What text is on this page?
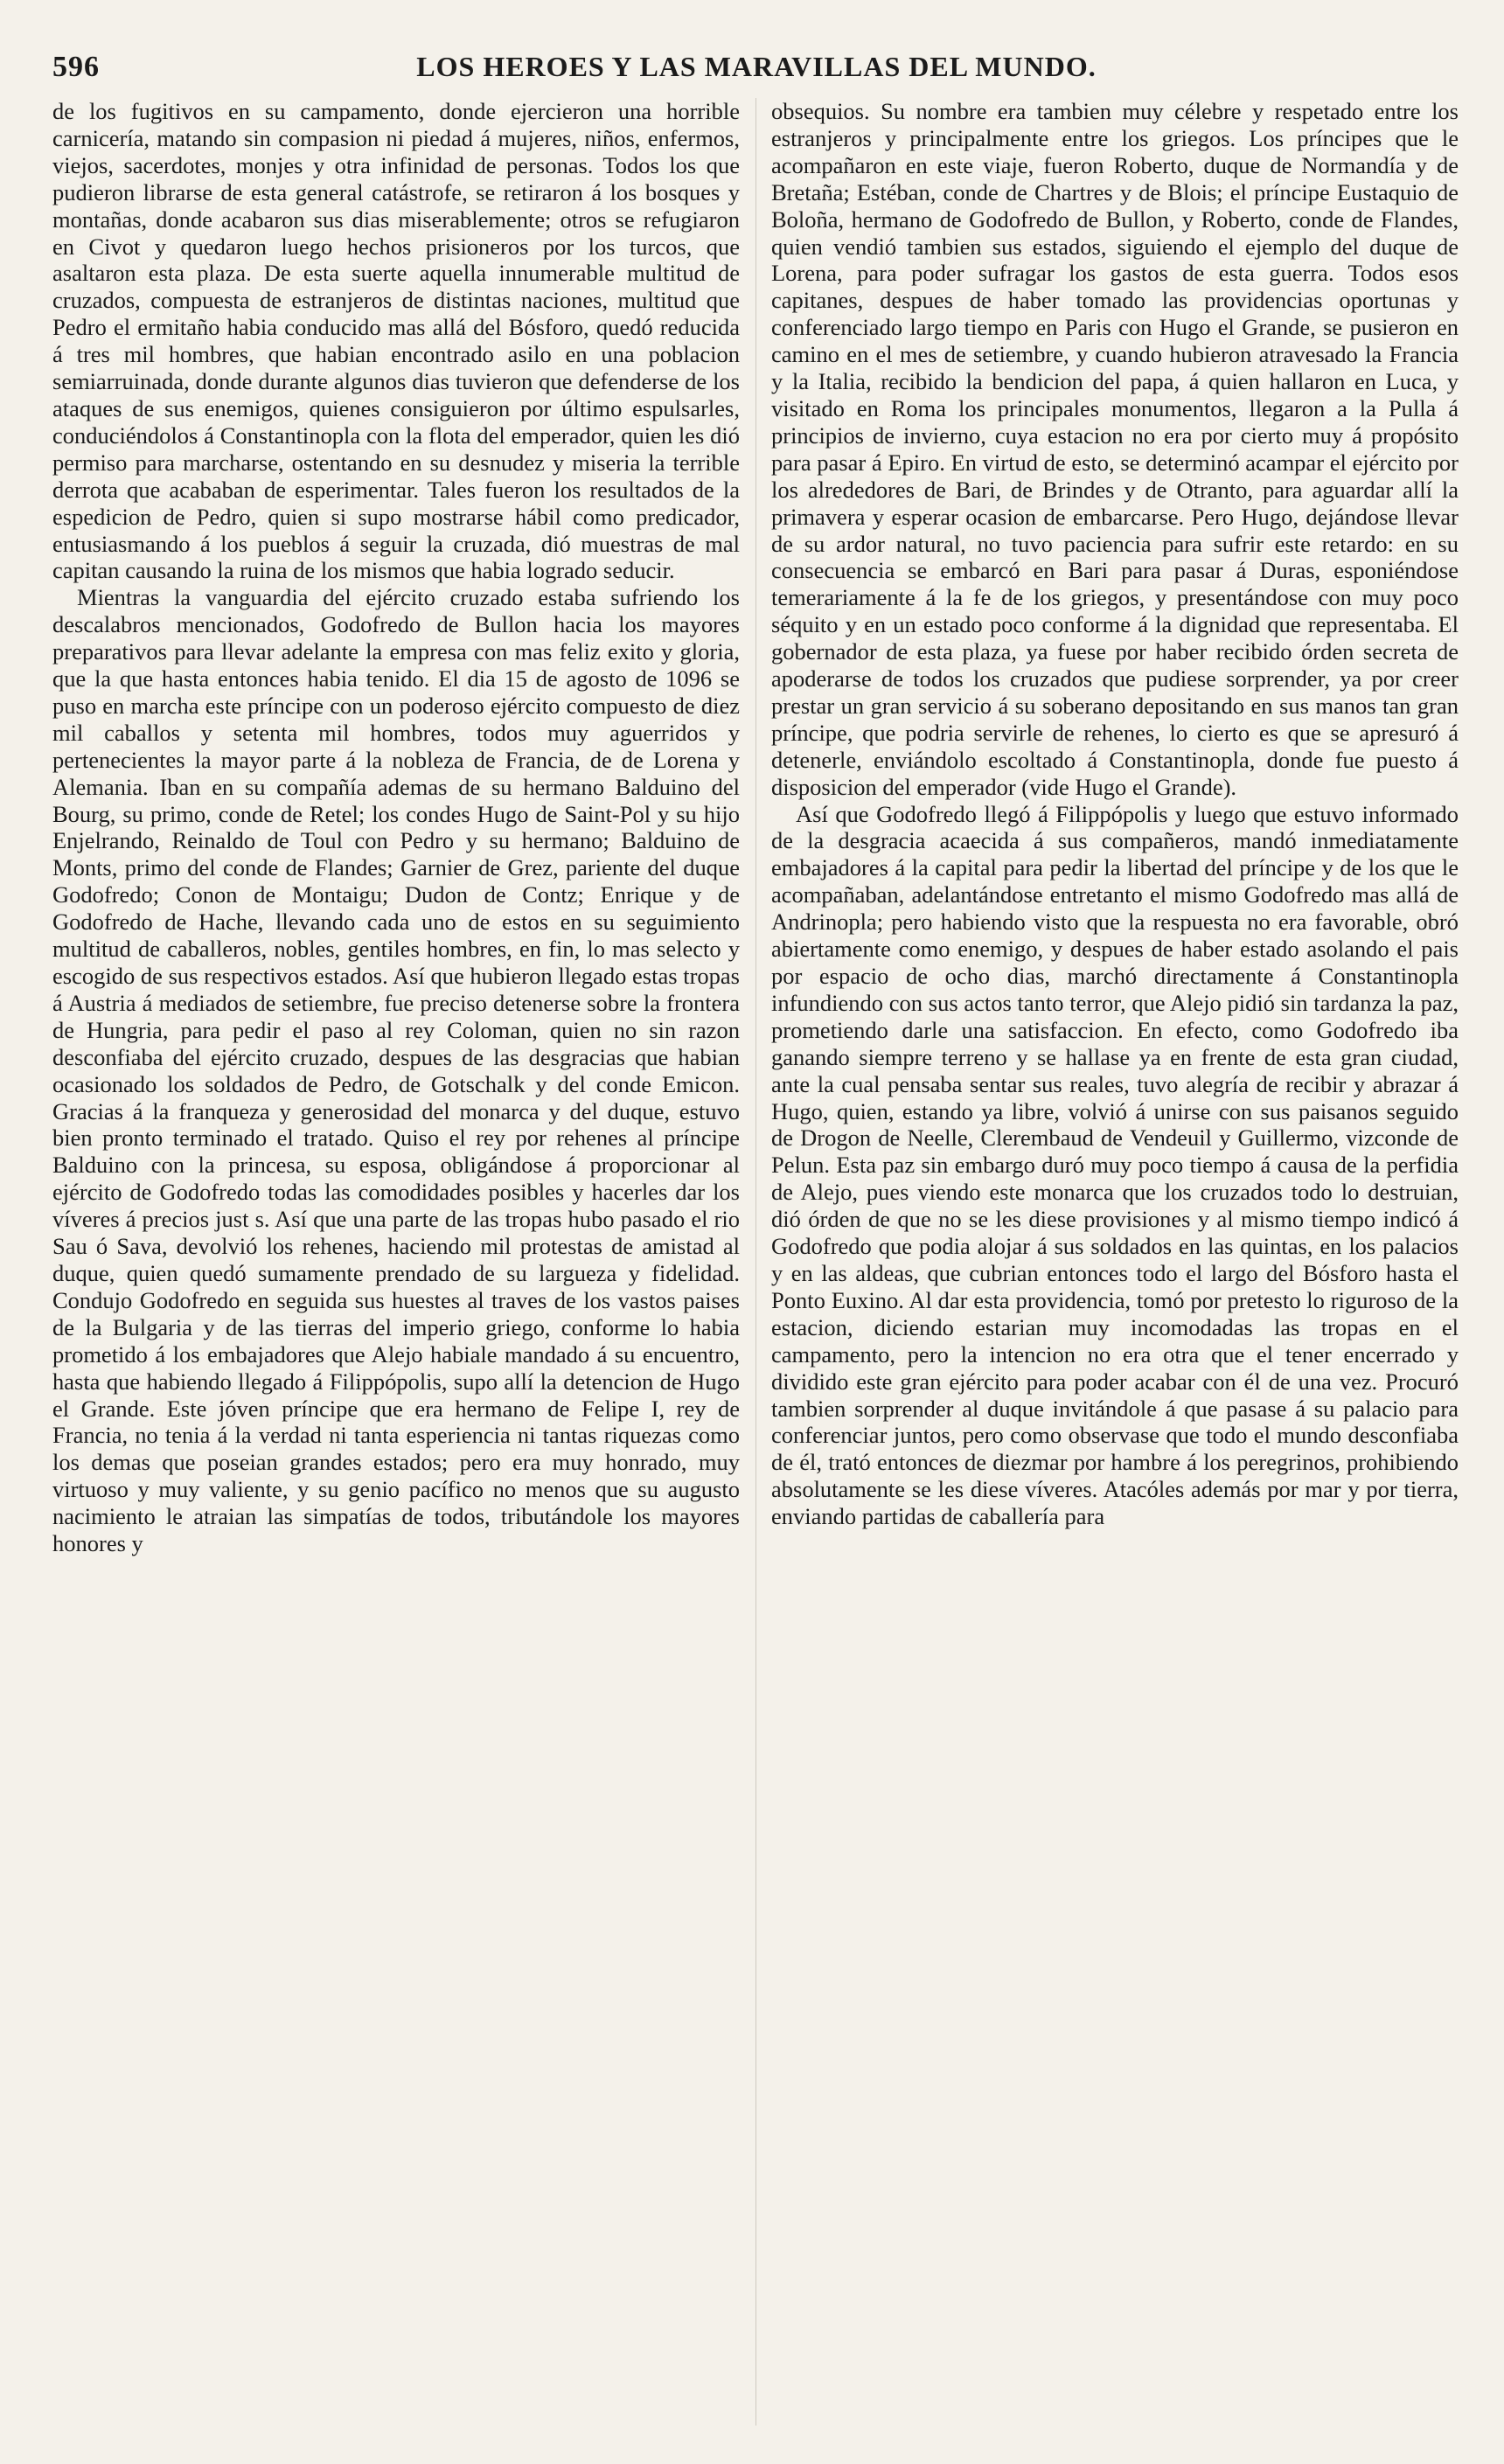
596	LOS HEROES Y LAS MARAVILLAS DEL MUNDO.

de los fugitivos en su campamento, donde ejercieron una horrible carnicería, matando sin compasion ni piedad á mujeres, niños, enfermos, viejos, sacerdotes, monjes y otra infinidad de personas. Todos los que pudieron librarse de esta general catástrofe, se retiraron á los bosques y montañas, donde acabaron sus dias miserablemente; otros se refugiaron en Civot y quedaron luego hechos prisioneros por los turcos, que asaltaron esta plaza. De esta suerte aquella innumerable multitud de cruzados, compuesta de estranjeros de distintas naciones, multitud que Pedro el ermitaño habia conducido mas allá del Bósforo, quedó reducida á tres mil hombres, que habian encontrado asilo en una poblacion semiarruinada, donde durante algunos dias tuvieron que defenderse de los ataques de sus enemigos, quienes consiguieron por último espulsarles, conduciéndolos á Constantinopla con la flota del emperador, quien les dió permiso para marcharse, ostentando en su desnudez y miseria la terrible derrota que acababan de esperimentar. Tales fueron los resultados de la espedicion de Pedro, quien si supo mostrarse hábil como predicador, entusiasmando á los pueblos á seguir la cruzada, dió muestras de mal capitan causando la ruina de los mismos que habia logrado seducir.

Mientras la vanguardia del ejército cruzado estaba sufriendo los descalabros mencionados, Godofredo de Bullon hacia los mayores preparativos para llevar adelante la empresa con mas feliz exito y gloria, que la que hasta entonces habia tenido. El dia 15 de agosto de 1096 se puso en marcha este príncipe con un poderoso ejército compuesto de diez mil caballos y setenta mil hombres, todos muy aguerridos y pertenecientes la mayor parte á la nobleza de Francia, de de Lorena y Alemania. Iban en su compañía ademas de su hermano Balduino del Bourg, su primo, conde de Retel; los condes Hugo de Saint-Pol y su hijo Enjelrando, Reinaldo de Toul con Pedro y su hermano; Balduino de Monts, primo del conde de Flandes; Garnier de Grez, pariente del duque Godofredo; Conon de Montaigu; Dudon de Contz; Enrique y de Godofredo de Hache, llevando cada uno de estos en su seguimiento multitud de caballeros, nobles, gentiles hombres, en fin, lo mas selecto y escogido de sus respectivos estados. Así que hubieron llegado estas tropas á Austria á mediados de setiembre, fue preciso detenerse sobre la frontera de Hungria, para pedir el paso al rey Coloman, quien no sin razon desconfiaba del ejército cruzado, despues de las desgracias que habian ocasionado los soldados de Pedro, de Gotschalk y del conde Emicon. Gracias á la franqueza y generosidad del monarca y del duque, estuvo bien pronto terminado el tratado. Quiso el rey por rehenes al príncipe Balduino con la princesa, su esposa, obligándose á proporcionar al ejército de Godofredo todas las comodidades posibles y hacerles dar los víveres á precios just s. Así que una parte de las tropas hubo pasado el rio Sau ó Sava, devolvió los rehenes, haciendo mil protestas de amistad al duque, quien quedó sumamente prendado de su largueza y fidelidad. Condujo Godofredo en seguida sus huestes al traves de los vastos paises de la Bulgaria y de las tierras del imperio griego, conforme lo habia prometido á los embajadores que Alejo habiale mandado á su encuentro, hasta que habiendo llegado á Filippópolis, supo allí la detencion de Hugo el Grande. Este jóven príncipe que era hermano de Felipe I, rey de Francia, no tenia á la verdad ni tanta esperiencia ni tantas riquezas como los demas que poseian grandes estados; pero era muy honrado, muy virtuoso y muy valiente, y su genio pacífico no menos que su augusto nacimiento le atraian las simpatías de todos, tributándole los mayores honores y

obsequios. Su nombre era tambien muy célebre y respetado entre los estranjeros y principalmente entre los griegos. Los príncipes que le acompañaron en este viaje, fueron Roberto, duque de Normandía y de Bretaña; Estéban, conde de Chartres y de Blois; el príncipe Eustaquio de Boloña, hermano de Godofredo de Bullon, y Roberto, conde de Flandes, quien vendió tambien sus estados, siguiendo el ejemplo del duque de Lorena, para poder sufragar los gastos de esta guerra. Todos esos capitanes, despues de haber tomado las providencias oportunas y conferenciado largo tiempo en Paris con Hugo el Grande, se pusieron en camino en el mes de setiembre, y cuando hubieron atravesado la Francia y la Italia, recibido la bendicion del papa, á quien hallaron en Luca, y visitado en Roma los principales monumentos, llegaron a la Pulla á principios de invierno, cuya estacion no era por cierto muy á propósito para pasar á Epiro. En virtud de esto, se determinó acampar el ejército por los alrededores de Bari, de Brindes y de Otranto, para aguardar allí la primavera y esperar ocasion de embarcarse. Pero Hugo, dejándose llevar de su ardor natural, no tuvo paciencia para sufrir este retardo: en su consecuencia se embarcó en Bari para pasar á Duras, esponiéndose temerariamente á la fe de los griegos, y presentándose con muy poco séquito y en un estado poco conforme á la dignidad que representaba. El gobernador de esta plaza, ya fuese por haber recibido órden secreta de apoderarse de todos los cruzados que pudiese sorprender, ya por creer prestar un gran servicio á su soberano depositando en sus manos tan gran príncipe, que podria servirle de rehenes, lo cierto es que se apresuró á detenerle, enviándolo escoltado á Constantinopla, donde fue puesto á disposicion del emperador (vide Hugo el Grande).

Así que Godofredo llegó á Filippópolis y luego que estuvo informado de la desgracia acaecida á sus compañeros, mandó inmediatamente embajadores á la capital para pedir la libertad del príncipe y de los que le acompañaban, adelantándose entretanto el mismo Godofredo mas allá de Andrinopla; pero habiendo visto que la respuesta no era favorable, obró abiertamente como enemigo, y despues de haber estado asolando el pais por espacio de ocho dias, marchó directamente á Constantinopla infundiendo con sus actos tanto terror, que Alejo pidió sin tardanza la paz, prometiendo darle una satisfaccion. En efecto, como Godofredo iba ganando siempre terreno y se hallase ya en frente de esta gran ciudad, ante la cual pensaba sentar sus reales, tuvo alegría de recibir y abrazar á Hugo, quien, estando ya libre, volvió á unirse con sus paisanos seguido de Drogon de Neelle, Clerembaud de Vendeuil y Guillermo, vizconde de Pelun. Esta paz sin embargo duró muy poco tiempo á causa de la perfidia de Alejo, pues viendo este monarca que los cruzados todo lo destruian, dió órden de que no se les diese provisiones y al mismo tiempo indicó á Godofredo que podia alojar á sus soldados en las quintas, en los palacios y en las aldeas, que cubrian entonces todo el largo del Bósforo hasta el Ponto Euxino. Al dar esta providencia, tomó por pretesto lo riguroso de la estacion, diciendo estarian muy incomodadas las tropas en el campamento, pero la intencion no era otra que el tener encerrado y dividido este gran ejército para poder acabar con él de una vez. Procuró tambien sorprender al duque invitándole á que pasase á su palacio para conferenciar juntos, pero como observase que todo el mundo desconfiaba de él, trató entonces de diezmar por hambre á los peregrinos, prohibiendo absolutamente se les diese víveres. Atacóles además por mar y por tierra, enviando partidas de caballería para
